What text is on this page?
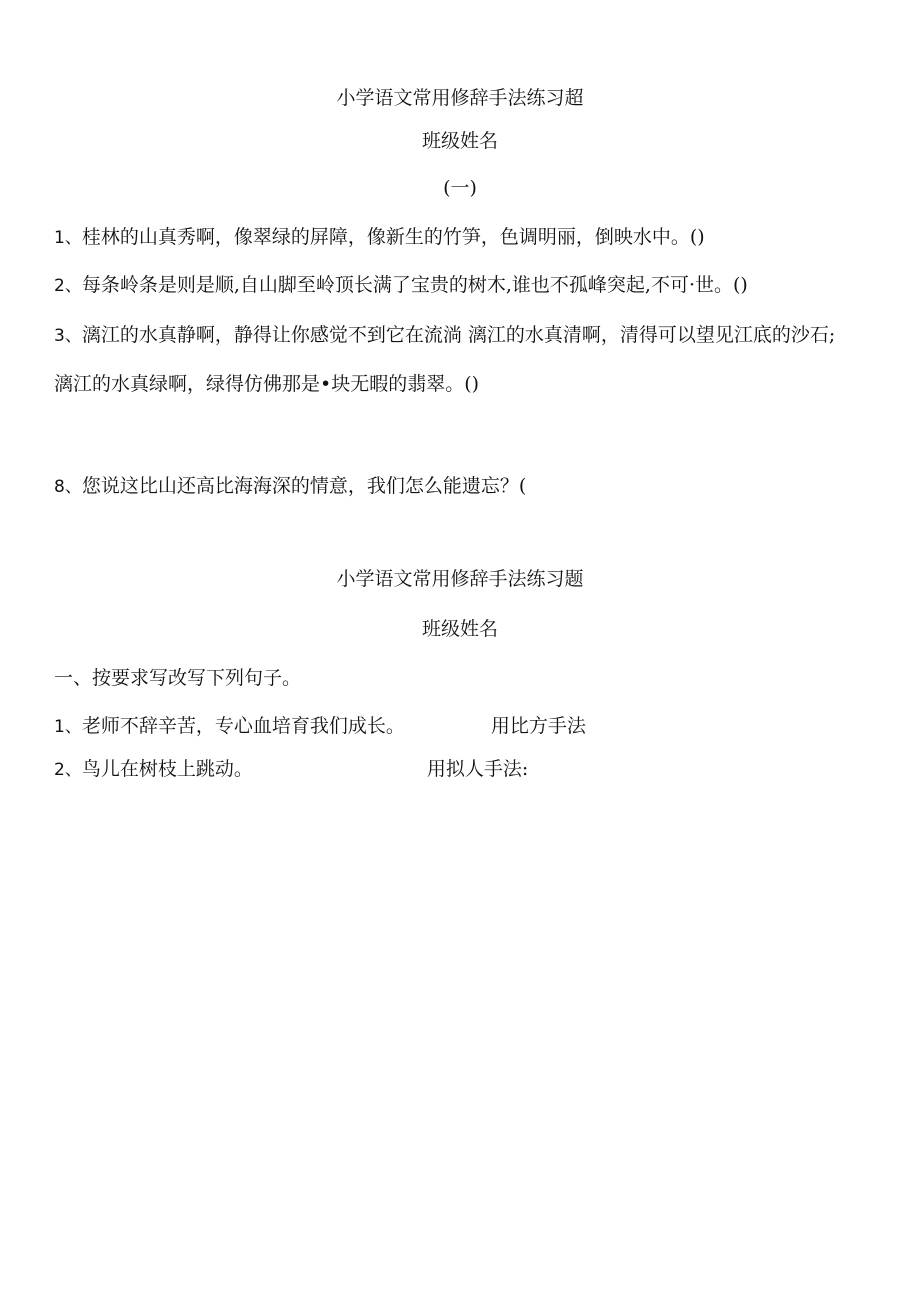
小学语文常用修辞手法练习超
班级姓名
(一)
1、桂林的山真秀啊，像翠绿的屏障，像新生的竹笋，色调明丽，倒映水中。()
2、每条岭条是则是顺,自山脚至岭顶长满了宝贵的树木,谁也不孤峰突起,不可·世。()
3、漓江的水真静啊，静得让你感觉不到它在流淌 漓江的水真清啊，清得可以望见江底的沙石;
漓江的水真绿啊，绿得仿佛那是•块无暇的翡翠。()
8、您说这比山还高比海海深的情意，我们怎么能遗忘？(
小学语文常用修辞手法练习题
班级姓名
一、按要求写改写下列句子。
1、老师不辞辛苦，专心血培育我们成长。	用比方手法
2、鸟儿在树枝上跳动。	用拟人手法:
